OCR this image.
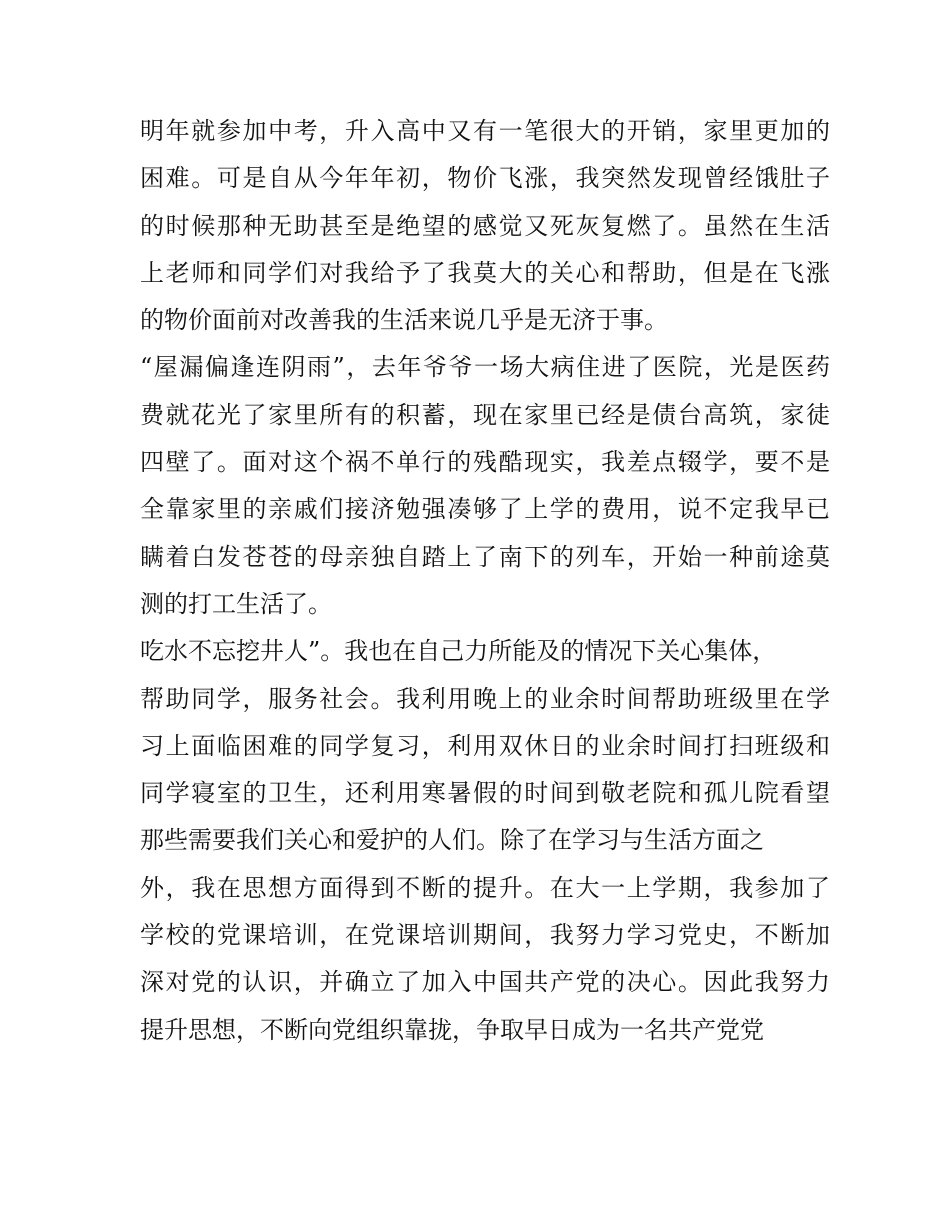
明年就参加中考，升入高中又有一笔很大的开销，家里更加的
困难。可是自从今年年初，物价飞涨，我突然发现曾经饿肚子
的时候那种无助甚至是绝望的感觉又死灰复燃了。虽然在生活
上老师和同学们对我给予了我莫大的关心和帮助，但是在飞涨
的物价面前对改善我的生活来说几乎是无济于事。
“屋漏偏逢连阴雨”，去年爷爷一场大病住进了医院，光是医药
费就花光了家里所有的积蓄，现在家里已经是债台高筑，家徒
四壁了。面对这个祸不单行的残酷现实，我差点辍学，要不是
全靠家里的亲戚们接济勉强凑够了上学的费用，说不定我早已
瞒着白发苍苍的母亲独自踏上了南下的列车，开始一种前途莫
测的打工生活了。
吃水不忘挖井人”。我也在自己力所能及的情况下关心集体，
帮助同学，服务社会。我利用晚上的业余时间帮助班级里在学
习上面临困难的同学复习，利用双休日的业余时间打扫班级和
同学寝室的卫生，还利用寒暑假的时间到敬老院和孤儿院看望
那些需要我们关心和爱护的人们。除了在学习与生活方面之
外，我在思想方面得到不断的提升。在大一上学期，我参加了
学校的党课培训，在党课培训期间，我努力学习党史，不断加
深对党的认识，并确立了加入中国共产党的决心。因此我努力
提升思想，不断向党组织靠拢，争取早日成为一名共产党党
